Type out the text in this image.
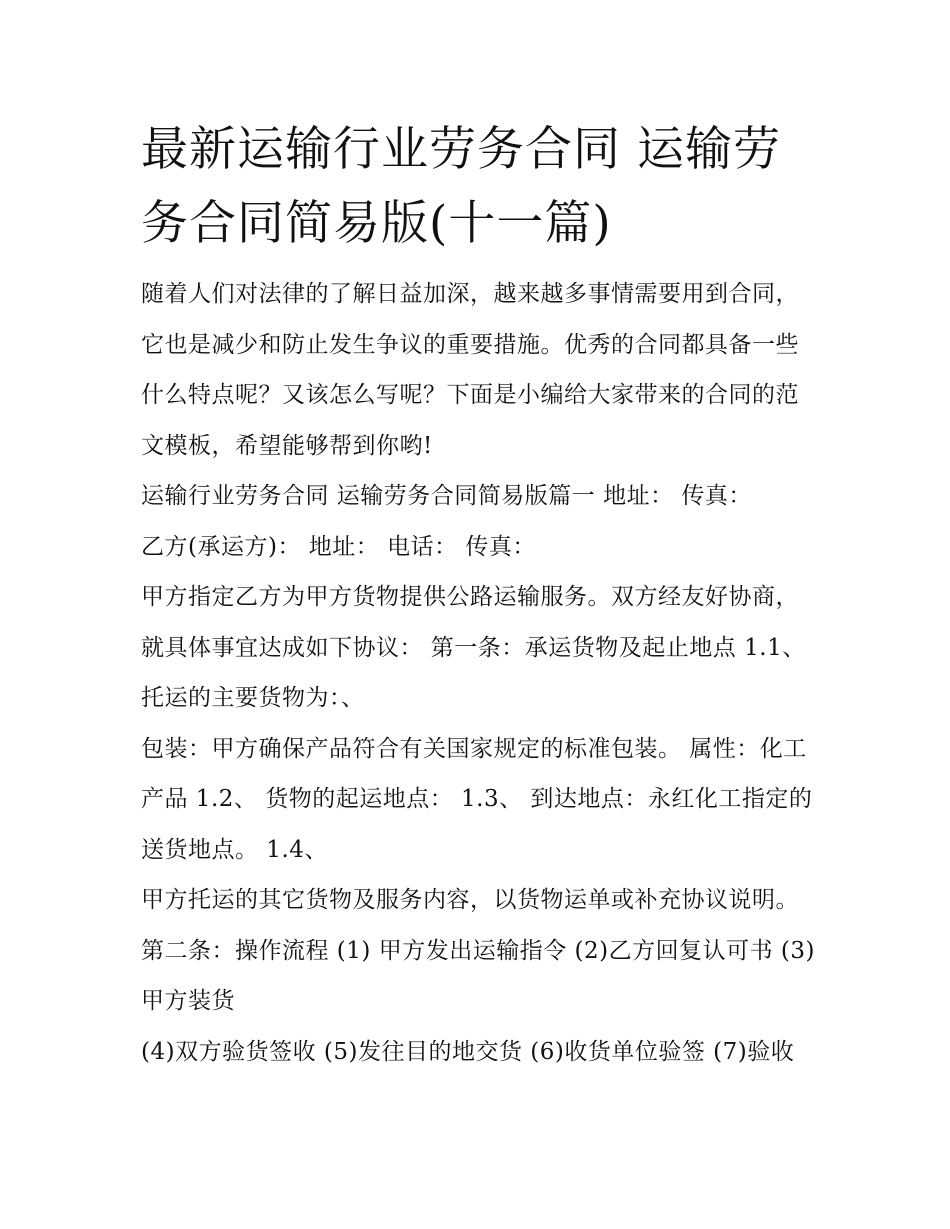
最新运输行业劳务合同 运输劳务合同简易版(十一篇)

随着人们对法律的了解日益加深，越来越多事情需要用到合同，它也是减少和防止发生争议的重要措施。优秀的合同都具备一些什么特点呢？又该怎么写呢？下面是小编给大家带来的合同的范文模板，希望能够帮到你哟!

运输行业劳务合同 运输劳务合同简易版篇一 地址： 传真：

乙方(承运方)： 地址： 电话： 传真：

甲方指定乙方为甲方货物提供公路运输服务。双方经友好协商，就具体事宜达成如下协议： 第一条：承运货物及起止地点 1.1、 托运的主要货物为：、

包装：甲方确保产品符合有关国家规定的标准包装。 属性：化工产品 1.2、 货物的起运地点： 1.3、 到达地点：永红化工指定的送货地点。 1.4、

甲方托运的其它货物及服务内容，以货物运单或补充协议说明。 第二条：操作流程 (1) 甲方发出运输指令 (2)乙方回复认可书 (3)甲方装货

(4)双方验货签收 (5)发往目的地交货 (6)收货单位验签 (7)验收
